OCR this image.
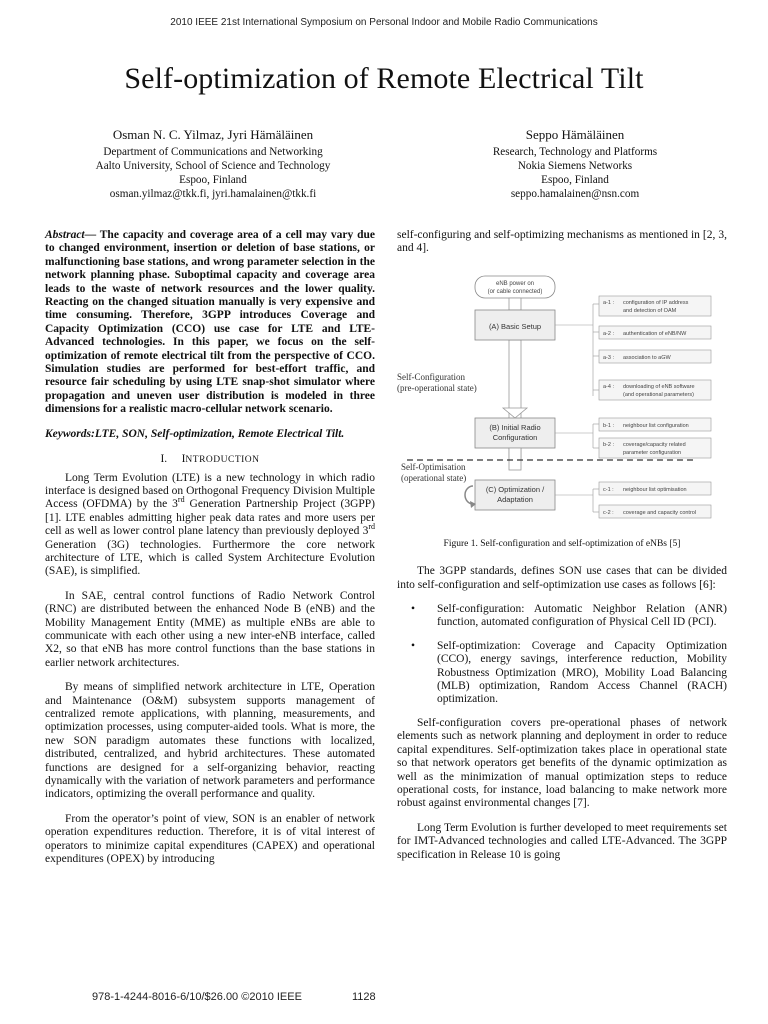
2010 IEEE 21st International Symposium on Personal Indoor and Mobile Radio Communications
Self-optimization of Remote Electrical Tilt
Osman N. C. Yilmaz, Jyri Hämäläinen
Department of Communications and Networking
Aalto University, School of Science and Technology
Espoo, Finland
osman.yilmaz@tkk.fi, jyri.hamalainen@tkk.fi
Seppo Hämäläinen
Research, Technology and Platforms
Nokia Siemens Networks
Espoo, Finland
seppo.hamalainen@nsn.com

Abstract— The capacity and coverage area of a cell may vary due to changed environment, insertion or deletion of base stations, or malfunctioning base stations, and wrong parameter selection in the network planning phase. Suboptimal capacity and coverage area leads to the waste of network resources and the lower quality. Reacting on the changed situation manually is very expensive and time consuming. Therefore, 3GPP introduces Coverage and Capacity Optimization (CCO) use case for LTE and LTE-Advanced technologies. In this paper, we focus on the self-optimization of remote electrical tilt from the perspective of CCO. Simulation studies are performed for best-effort traffic, and resource fair scheduling by using LTE snap-shot simulator where propagation and uneven user distribution is modeled in three dimensions for a realistic macro-cellular network scenario.

Keywords:LTE, SON, Self-optimization, Remote Electrical Tilt.

I. INTRODUCTION

Long Term Evolution (LTE) is a new technology in which radio interface is designed based on Orthogonal Frequency Division Multiple Access (OFDMA) by the 3rd Generation Partnership Project (3GPP) [1]. LTE enables admitting higher peak data rates and more users per cell as well as lower control plane latency than previously deployed 3rd Generation (3G) technologies. Furthermore the core network architecture of LTE, which is called System Architecture Evolution (SAE), is simplified.

In SAE, central control functions of Radio Network Control (RNC) are distributed between the enhanced Node B (eNB) and the Mobility Management Entity (MME) as multiple eNBs are able to communicate with each other using a new inter-eNB interface, called X2, so that eNB has more control functions than the base stations in earlier network architectures.

By means of simplified network architecture in LTE, Operation and Maintenance (O&M) subsystem supports management of centralized remote applications, with planning, measurements, and optimization processes, using computer-aided tools. What is more, the new SON paradigm automates these functions with localized, distributed, centralized, and hybrid architectures. These automated functions are designed for a self-organizing behavior, reacting dynamically with the variation of network parameters and performance indicators, optimizing the overall performance and quality.

From the operator’s point of view, SON is an enabler of network operation expenditures reduction. Therefore, it is of vital interest of operators to minimize capital expenditures (CAPEX) and operational expenditures (OPEX) by introducing

self-configuring and self-optimizing mechanisms as mentioned in [2, 3, and 4].

eNB power on
(or cable connected)
(A) Basic Setup
(B) Initial Radio
Configuration
(C) Optimization /
Adaptation
Self-Configuration
(pre-operational state)
Self-Optimisation
(operational state)
a-1 : configuration of IP address
and detection of OAM
a-2 : authentication of eNB/NW
a-3 : association to aGW
a-4 : downloading of eNB software
(and operational parameters)
b-1 : neighbour list configuration
b-2 : coverage/capacity related
parameter configuration
c-1 : neighbour list optimisation
c-2 : coverage and capacity control
Figure 1. Self-configuration and self-optimization of eNBs [5]

The 3GPP standards, defines SON use cases that can be divided into self-configuration and self-optimization use cases as follows [6]:

• Self-configuration: Automatic Neighbor Relation (ANR) function, automated configuration of Physical Cell ID (PCI).
• Self-optimization: Coverage and Capacity Optimization (CCO), energy savings, interference reduction, Mobility Robustness Optimization (MRO), Mobility Load Balancing (MLB) optimization, Random Access Channel (RACH) optimization.

Self-configuration covers pre-operational phases of network elements such as network planning and deployment in order to reduce capital expenditures. Self-optimization takes place in operational state so that network operators get benefits of the dynamic optimization as well as the minimization of manual optimization steps to reduce operational costs, for instance, load balancing to make network more robust against environmental changes [7].

Long Term Evolution is further developed to meet requirements set for IMT-Advanced technologies and called LTE-Advanced. The 3GPP specification in Release 10 is going

978-1-4244-8016-6/10/$26.00 ©2010 IEEE	1128
